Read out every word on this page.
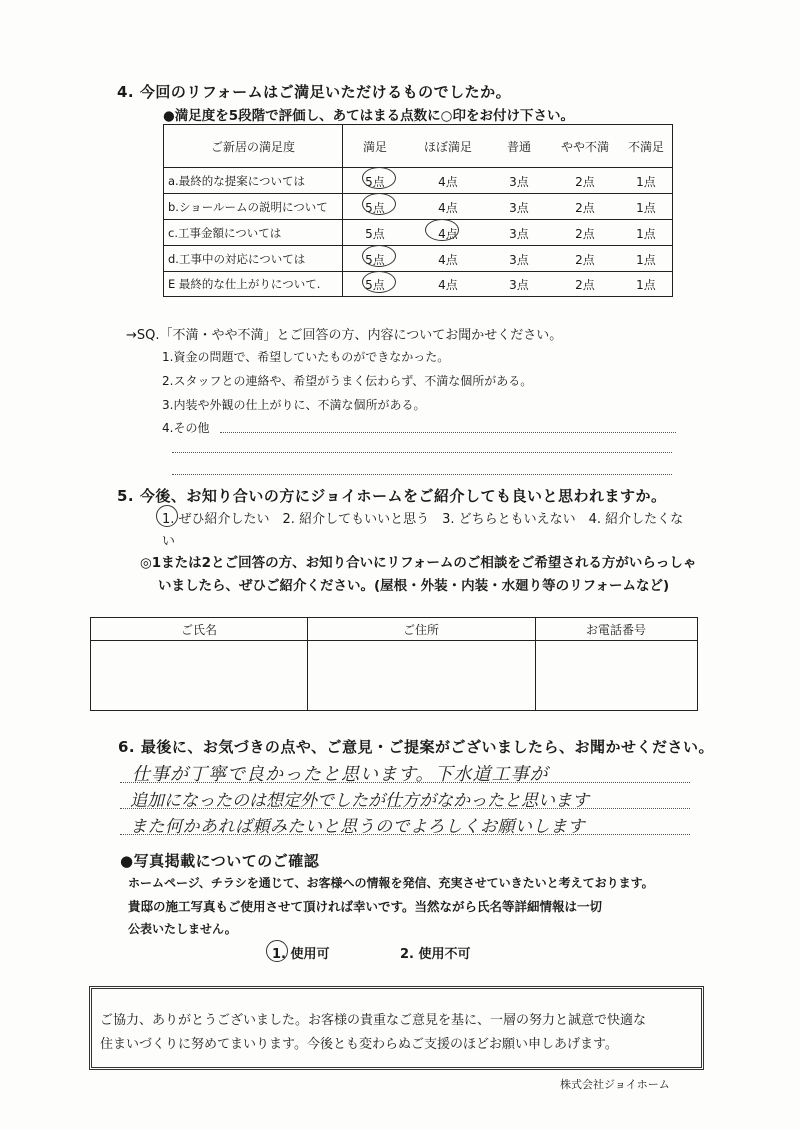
4. 今回のリフォームはご満足いただけるものでしたか。
●満足度を5段階で評価し、あてはまる点数に○印をお付け下さい。
ご新居の満足度	満足	ほぼ満足	普通	やや不満	不満足
a.最終的な提案については	5点	4点	3点	2点	1点
b.ショールームの説明について	5点	4点	3点	2点	1点
c.工事金額については	5点	4点	3点	2点	1点
d.工事中の対応については	5点	4点	3点	2点	1点
E 最終的な仕上がりについて.	5点	4点	3点	2点	1点
→SQ.「不満・やや不満」とご回答の方、内容についてお聞かせください。
1.資金の問題で、希望していたものができなかった。
2.スタッフとの連絡や、希望がうまく伝わらず、不満な個所がある。
3.内装や外観の仕上がりに、不満な個所がある。
4.その他
5. 今後、お知り合いの方にジョイホームをご紹介しても良いと思われますか。
1. ぜひ紹介したい　2. 紹介してもいいと思う　3. どちらともいえない　4. 紹介したくな
い
◎1または2とご回答の方、お知り合いにリフォームのご相談をご希望される方がいらっしゃ
いましたら、ぜひご紹介ください。(屋根・外装・内装・水廻り等のリフォームなど)
ご氏名	ご住所	お電話番号
6. 最後に、お気づきの点や、ご意見・ご提案がございましたら、お聞かせください。
仕事が丁寧で良かったと思います。下水道工事が
追加になったのは想定外でしたが仕方がなかったと思います
また何かあれば頼みたいと思うのでよろしくお願いします
●写真掲載についてのご確認
ホームページ、チラシを通じて、お客様への情報を発信、充実させていきたいと考えております。
貴邸の施工写真もご使用させて頂ければ幸いです。当然ながら氏名等詳細情報は一切
公表いたしません。
1. 使用可	2. 使用不可
ご協力、ありがとうございました。お客様の貴重なご意見を基に、一層の努力と誠意で快適な
住まいづくりに努めてまいります。今後とも変わらぬご支援のほどお願い申しあげます。
株式会社ジョイホーム
